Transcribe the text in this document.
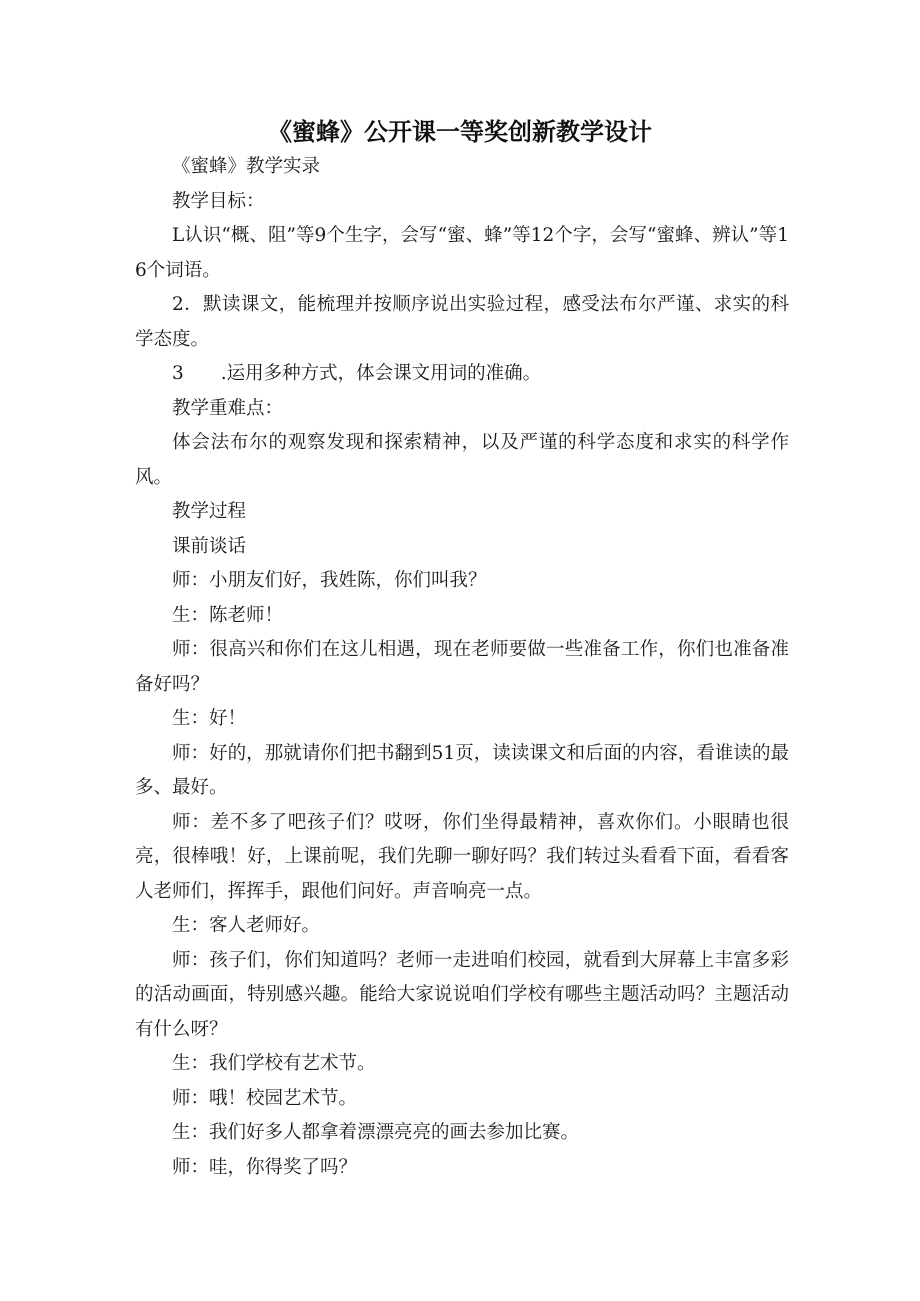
《蜜蜂》公开课一等奖创新教学设计

《蜜蜂》教学实录

教学目标：

L认识“概、阻”等9个生字，会写“蜜、蜂”等12个字，会写“蜜蜂、辨认”等16个词语。

2．默读课文，能梳理并按顺序说出实验过程，感受法布尔严谨、求实的科学态度。

3　　.运用多种方式，体会课文用词的准确。

教学重难点：

体会法布尔的观察发现和探索精神，以及严谨的科学态度和求实的科学作风。

教学过程

课前谈话

师：小朋友们好，我姓陈，你们叫我？

生：陈老师！

师：很高兴和你们在这儿相遇，现在老师要做一些准备工作，你们也准备准备好吗？

生：好！

师：好的，那就请你们把书翻到51页，读读课文和后面的内容，看谁读的最多、最好。

师：差不多了吧孩子们？哎呀，你们坐得最精神，喜欢你们。小眼睛也很亮，很棒哦！好，上课前呢，我们先聊一聊好吗？我们转过头看看下面，看看客人老师们，挥挥手，跟他们问好。声音响亮一点。

生：客人老师好。

师：孩子们，你们知道吗？老师一走进咱们校园，就看到大屏幕上丰富多彩的活动画面，特别感兴趣。能给大家说说咱们学校有哪些主题活动吗？主题活动有什么呀？

生：我们学校有艺术节。

师：哦！校园艺术节。

生：我们好多人都拿着漂漂亮亮的画去参加比赛。

师：哇，你得奖了吗？
